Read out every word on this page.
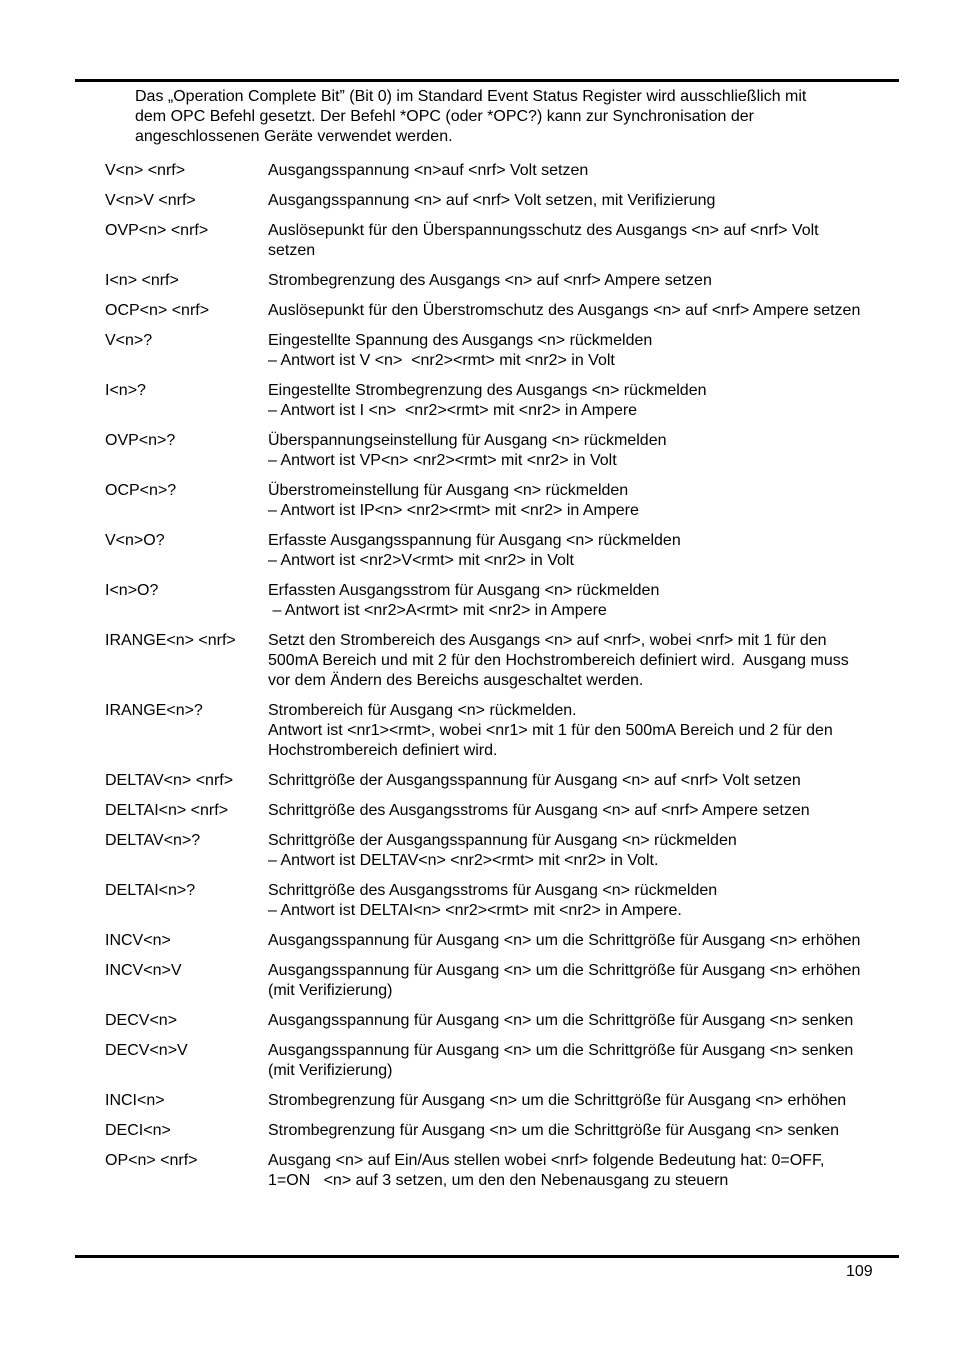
Das „Operation Complete Bit” (Bit 0) im Standard Event Status Register wird ausschließlich mit
dem OPC Befehl gesetzt. Der Befehl *OPC (oder *OPC?) kann zur Synchronisation der
angeschlossenen Geräte verwendet werden.
V<n> <nrf>	Ausgangsspannung <n>auf <nrf> Volt setzen
V<n>V <nrf>	Ausgangsspannung <n> auf <nrf> Volt setzen, mit Verifizierung
OVP<n> <nrf>	Auslösepunkt für den Überspannungsschutz des Ausgangs <n> auf <nrf> Volt
setzen
I<n> <nrf>	Strombegrenzung des Ausgangs <n> auf <nrf> Ampere setzen
OCP<n> <nrf>	Auslösepunkt für den Überstromschutz des Ausgangs <n> auf <nrf> Ampere setzen
V<n>?	Eingestellte Spannung des Ausgangs <n> rückmelden
– Antwort ist V <n>  <nr2><rmt> mit <nr2> in Volt
I<n>?	Eingestellte Strombegrenzung des Ausgangs <n> rückmelden
– Antwort ist I <n>  <nr2><rmt> mit <nr2> in Ampere
OVP<n>?	Überspannungseinstellung für Ausgang <n> rückmelden
– Antwort ist VP<n> <nr2><rmt> mit <nr2> in Volt
OCP<n>?	Überstromeinstellung für Ausgang <n> rückmelden
– Antwort ist IP<n> <nr2><rmt> mit <nr2> in Ampere
V<n>O?	Erfasste Ausgangsspannung für Ausgang <n> rückmelden
– Antwort ist <nr2>V<rmt> mit <nr2> in Volt
I<n>O?	Erfassten Ausgangsstrom für Ausgang <n> rückmelden
– Antwort ist <nr2>A<rmt> mit <nr2> in Ampere
IRANGE<n> <nrf>	Setzt den Strombereich des Ausgangs <n> auf <nrf>, wobei <nrf> mit 1 für den
500mA Bereich und mit 2 für den Hochstrombereich definiert wird.  Ausgang muss
vor dem Ändern des Bereichs ausgeschaltet werden.
IRANGE<n>?	Strombereich für Ausgang <n> rückmelden.
Antwort ist <nr1><rmt>, wobei <nr1> mit 1 für den 500mA Bereich und 2 für den
Hochstrombereich definiert wird.
DELTAV<n> <nrf>	Schrittgröße der Ausgangsspannung für Ausgang <n> auf <nrf> Volt setzen
DELTAI<n> <nrf>	Schrittgröße des Ausgangsstroms für Ausgang <n> auf <nrf> Ampere setzen
DELTAV<n>?	Schrittgröße der Ausgangsspannung für Ausgang <n> rückmelden
– Antwort ist DELTAV<n> <nr2><rmt> mit <nr2> in Volt.
DELTAI<n>?	Schrittgröße des Ausgangsstroms für Ausgang <n> rückmelden
– Antwort ist DELTAI<n> <nr2><rmt> mit <nr2> in Ampere.
INCV<n>	Ausgangsspannung für Ausgang <n> um die Schrittgröße für Ausgang <n> erhöhen
INCV<n>V	Ausgangsspannung für Ausgang <n> um die Schrittgröße für Ausgang <n> erhöhen
(mit Verifizierung)
DECV<n>	Ausgangsspannung für Ausgang <n> um die Schrittgröße für Ausgang <n> senken
DECV<n>V	Ausgangsspannung für Ausgang <n> um die Schrittgröße für Ausgang <n> senken
(mit Verifizierung)
INCI<n>	Strombegrenzung für Ausgang <n> um die Schrittgröße für Ausgang <n> erhöhen
DECI<n>	Strombegrenzung für Ausgang <n> um die Schrittgröße für Ausgang <n> senken
OP<n> <nrf>	Ausgang <n> auf Ein/Aus stellen wobei <nrf> folgende Bedeutung hat: 0=OFF,
1=ON   <n> auf 3 setzen, um den den Nebenausgang zu steuern
109
